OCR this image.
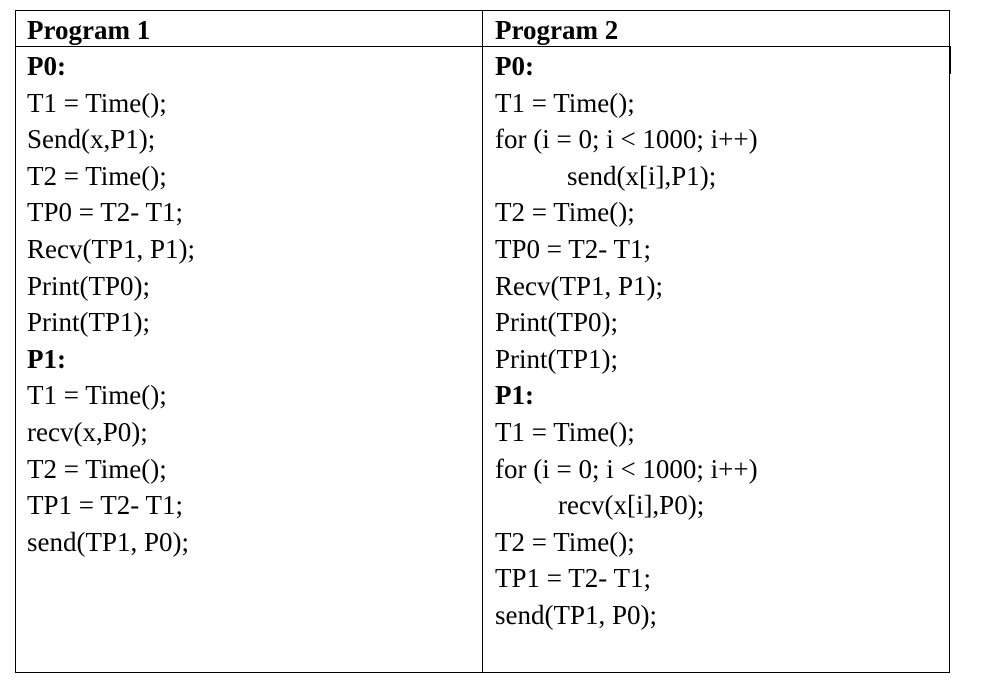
Program 1
P0:
T1 = Time();
Send(x,P1);
T2 = Time();
TP0 = T2- T1;
Recv(TP1, P1);
Print(TP0);
Print(TP1);
P1:
T1 = Time();
recv(x,P0);
T2 = Time();
TP1 = T2- T1;
send(TP1, P0);
Program 2
P0:
T1 = Time();
for (i = 0; i < 1000; i++)
send(x[i],P1);
T2 = Time();
TP0 = T2- T1;
Recv(TP1, P1);
Print(TP0);
Print(TP1);
P1:
T1 = Time();
for (i = 0; i < 1000; i++)
recv(x[i],P0);
T2 = Time();
TP1 = T2- T1;
send(TP1, P0);
